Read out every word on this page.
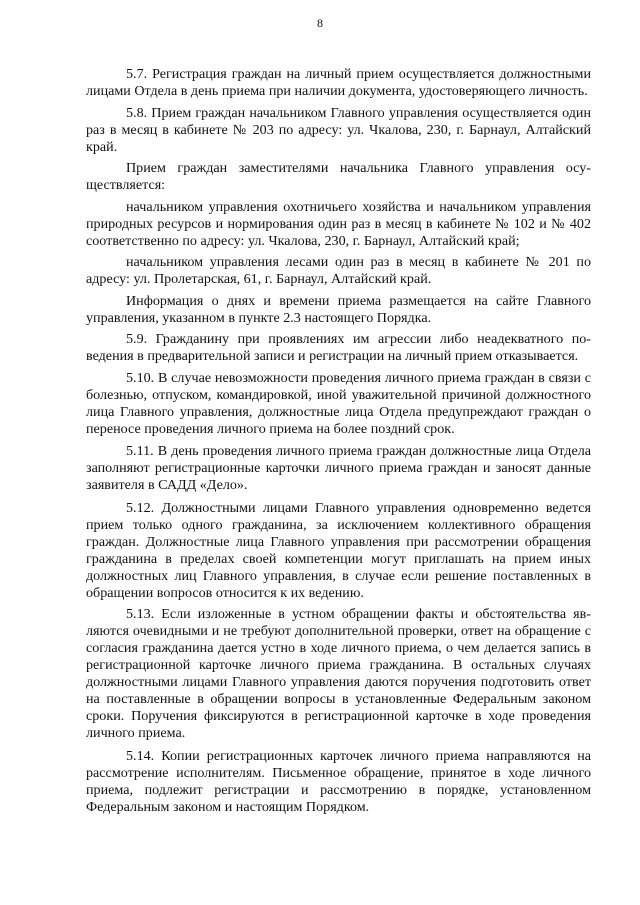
8

5.7. Регистрация граждан на личный прием осуществляется должностными лицами Отдела в день приема при наличии документа, удостоверяющего личность.

5.8. Прием граждан начальником Главного управления осуществляется один раз в месяц в кабинете № 203 по адресу: ул. Чкалова, 230, г. Барнаул, Алтайский край.

Прием граждан заместителями начальника Главного управления осуществляется:

начальником управления охотничьего хозяйства и начальником управления природных ресурсов и нормирования один раз в месяц в кабинете № 102 и № 402 соответственно по адресу: ул. Чкалова, 230, г. Барнаул, Алтайский край;

начальником управления лесами один раз в месяц в кабинете № 201 по адресу: ул. Пролетарская, 61, г. Барнаул, Алтайский край.

Информация о днях и времени приема размещается на сайте Главного управления, указанном в пункте 2.3 настоящего Порядка.

5.9. Гражданину при проявлениях им агрессии либо неадекватного поведения в предварительной записи и регистрации на личный прием отказывается.

5.10. В случае невозможности проведения личного приема граждан в связи с болезнью, отпуском, командировкой, иной уважительной причиной должностного лица Главного управления, должностные лица Отдела предупреждают граждан о переносе проведения личного приема на более поздний срок.

5.11. В день проведения личного приема граждан должностные лица Отдела заполняют регистрационные карточки личного приема граждан и заносят данные заявителя в САДД «Дело».

5.12. Должностными лицами Главного управления одновременно ведется прием только одного гражданина, за исключением коллективного обращения граждан. Должностные лица Главного управления при рассмотрении обращения гражданина в пределах своей компетенции могут приглашать на прием иных должностных лиц Главного управления, в случае если решение поставленных в обращении вопросов относится к их ведению.

5.13. Если изложенные в устном обращении факты и обстоятельства являются очевидными и не требуют дополнительной проверки, ответ на обращение с согласия гражданина дается устно в ходе личного приема, о чем делается запись в регистрационной карточке личного приема гражданина. В остальных случаях должностными лицами Главного управления даются поручения подготовить ответ на поставленные в обращении вопросы в установленные Федеральным законом сроки. Поручения фиксируются в регистрационной карточке в ходе проведения личного приема.

5.14. Копии регистрационных карточек личного приема направляются на рассмотрение исполнителям. Письменное обращение, принятое в ходе личного приема, подлежит регистрации и рассмотрению в порядке, установленном Федеральным законом и настоящим Порядком.
